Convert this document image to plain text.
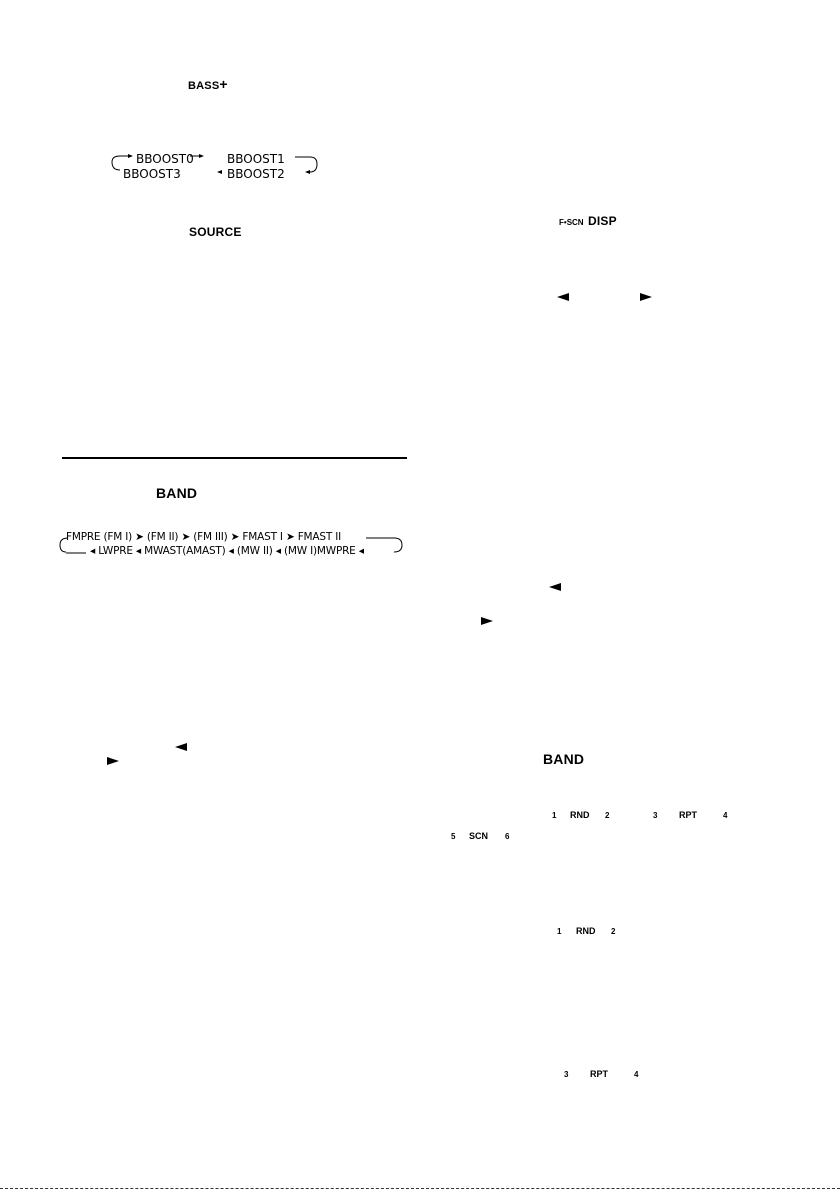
BASS+
BBOOST0	BBOOST1
BBOOST2
BBOOST3
SOURCE
BAND
FMPRE (FM I) ➤ (FM II) ➤ (FM III) ➤ FMAST I ➤ FMAST II
◂ LWPRE ◂ MWAST(AMAST) ◂ (MW II) ◂ (MW I)MWPRE ◂
F•SCN DISP
BAND
1 RND 2	3 RPT	4
5 SCN 6
1 RND 2
3 RPT	4
